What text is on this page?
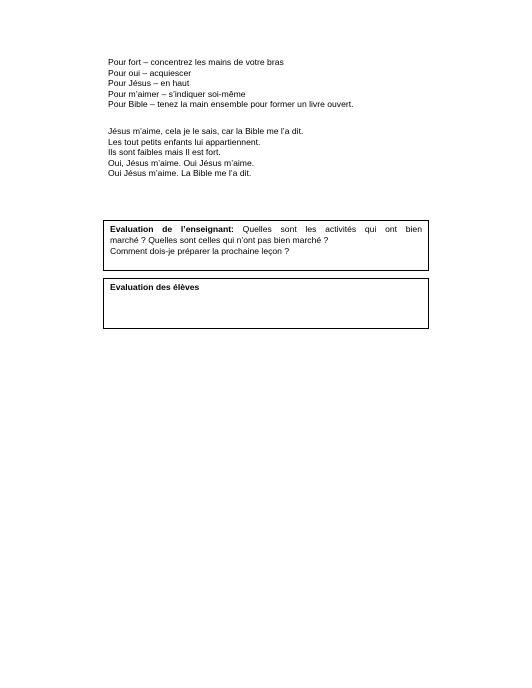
Pour fort – concentrez les mains de votre bras
Pour oui – acquiescer
Pour Jésus – en haut
Pour m’aimer – s’indiquer soi-même
Pour Bible – tenez la main ensemble pour former un livre ouvert.
Jésus m’aime, cela je le sais, car la Bible me l’a dit.
Les tout petits enfants lui appartiennent.
Ils sont faibles mais Il est fort.
Oui, Jésus m’aime. Oui Jésus m’aime.
Oui Jésus m’aime. La Bible me l’a dit.

Evaluation de l’enseignant: Quelles sont les activités qui ont bien

marché ? Quelles sont celles qui n’ont pas bien marché ?

Comment dois-je préparer la prochaine leçon ?

Evaluation des élèves
